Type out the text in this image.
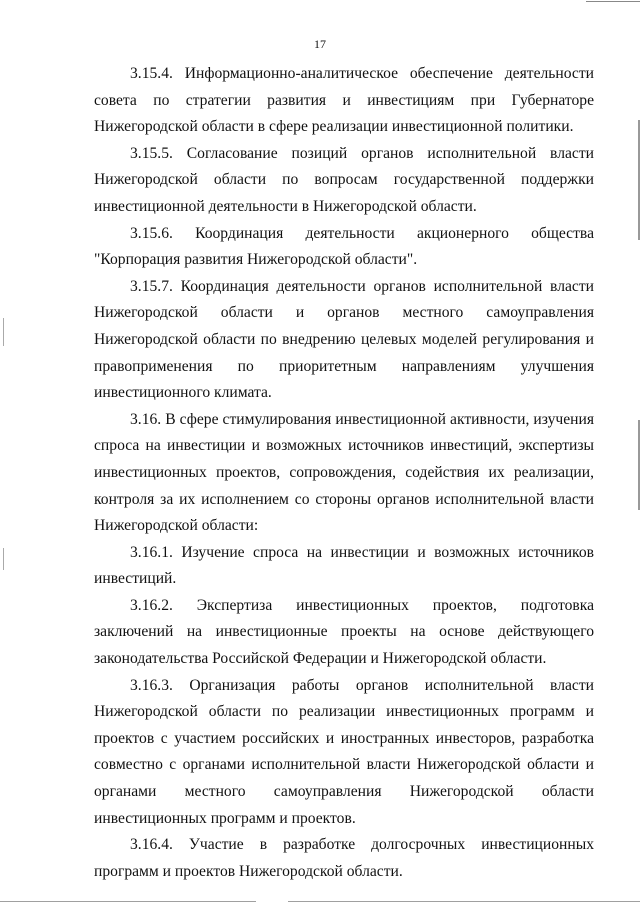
17

3.15.4. Информационно-аналитическое обеспечение деятельности совета по стратегии развития и инвестициям при Губернаторе Нижегородской области в сфере реализации инвестиционной политики.

3.15.5. Согласование позиций органов исполнительной власти Нижегородской области по вопросам государственной поддержки инвестиционной деятельности в Нижегородской области.

3.15.6. Координация деятельности акционерного общества "Корпорация развития Нижегородской области".

3.15.7. Координация деятельности органов исполнительной власти Нижегородской области и органов местного самоуправления Нижегородской области по внедрению целевых моделей регулирования и правоприменения по приоритетным направлениям улучшения инвестиционного климата.

3.16. В сфере стимулирования инвестиционной активности, изучения спроса на инвестиции и возможных источников инвестиций, экспертизы инвестиционных проектов, сопровождения, содействия их реализации, контроля за их исполнением со стороны органов исполнительной власти Нижегородской области:

3.16.1. Изучение спроса на инвестиции и возможных источников инвестиций.

3.16.2. Экспертиза инвестиционных проектов, подготовка заключений на инвестиционные проекты на основе действующего законодательства Российской Федерации и Нижегородской области.

3.16.3. Организация работы органов исполнительной власти Нижегородской области по реализации инвестиционных программ и проектов с участием российских и иностранных инвесторов, разработка совместно с органами исполнительной власти Нижегородской области и органами местного самоуправления Нижегородской области инвестиционных программ и проектов.

3.16.4. Участие в разработке долгосрочных инвестиционных программ и проектов Нижегородской области.
